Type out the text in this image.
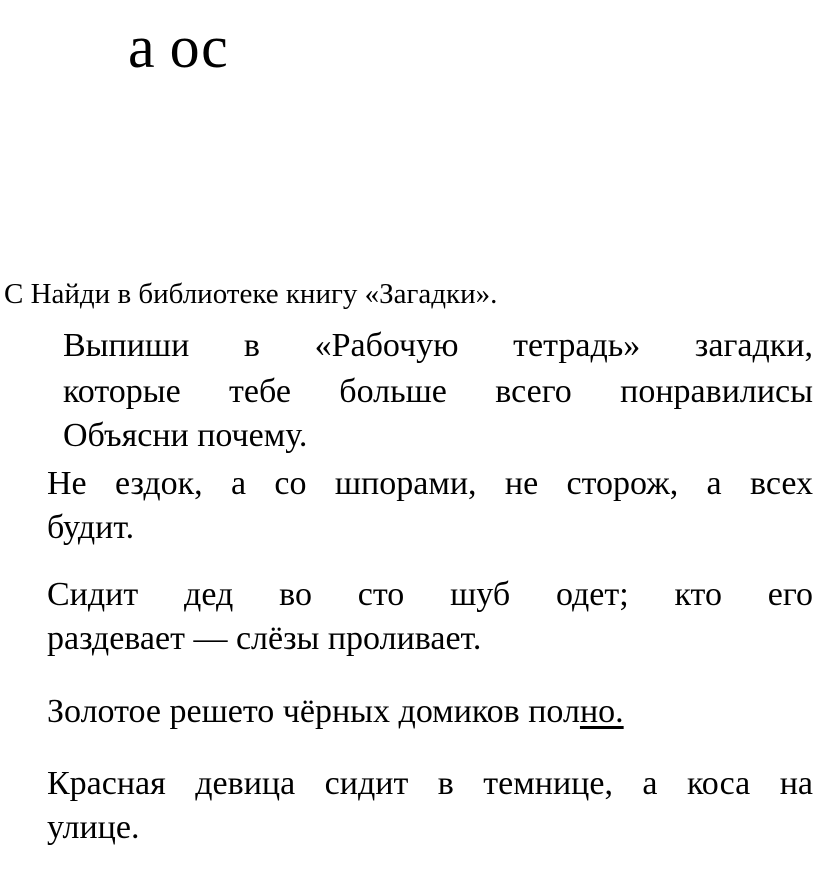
а ос
С Найди в библиотеке книгу «Загадки».
Выпиши в «Рабочую тетрадь» загадки,
которые тебе больше всего понравилисы
Объясни почему.
Не ездок, а со шпорами, не сторож, а всех
будит.
Сидит дед во сто шуб одет; кто его
раздевает — слёзы проливает.
Золотое решето чёрных домиков полно.
Красная девица сидит в темнице, а коса на
улице.
